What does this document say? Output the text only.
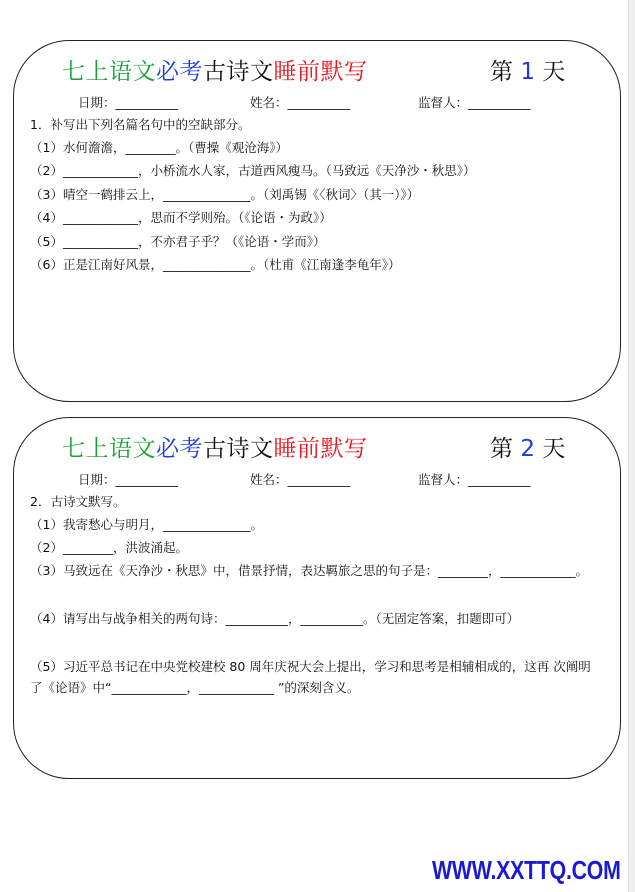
七上语文必考古诗文睡前默写	第 1 天
日期：__________	姓名：__________	监督人：__________
1．补写出下列名篇名句中的空缺部分。
（1）水何澹澹，________。（曹操《观沧海》）
（2）____________，小桥流水人家，古道西风瘦马。（马致远《天净沙・秋思》）
（3）晴空一鹤排云上，______________。（刘禹锡《〈秋词〉（其一）》）
（4）____________，思而不学则殆。（《论语・为政》）
（5）____________，不亦君子乎？（《论语・学而》）
（6）正是江南好风景，______________。（杜甫《江南逢李龟年》）
七上语文必考古诗文睡前默写	第 2 天
日期：__________	姓名：__________	监督人：__________
2．古诗文默写。
（1）我寄愁心与明月，______________。
（2）________，洪波涌起。
（3）马致远在《天净沙・秋思》中，借景抒情，表达羁旅之思的句子是：________，____________。
（4）请写出与战争相关的两句诗：__________，__________。（无固定答案，扣题即可）
（5）习近平总书记在中央党校建校 80 周年庆祝大会上提出，学习和思考是相辅相成的，这再 次阐明了《论语》中“____________，____________ ”的深刻含义。
WWW.XXTTQ.COM
